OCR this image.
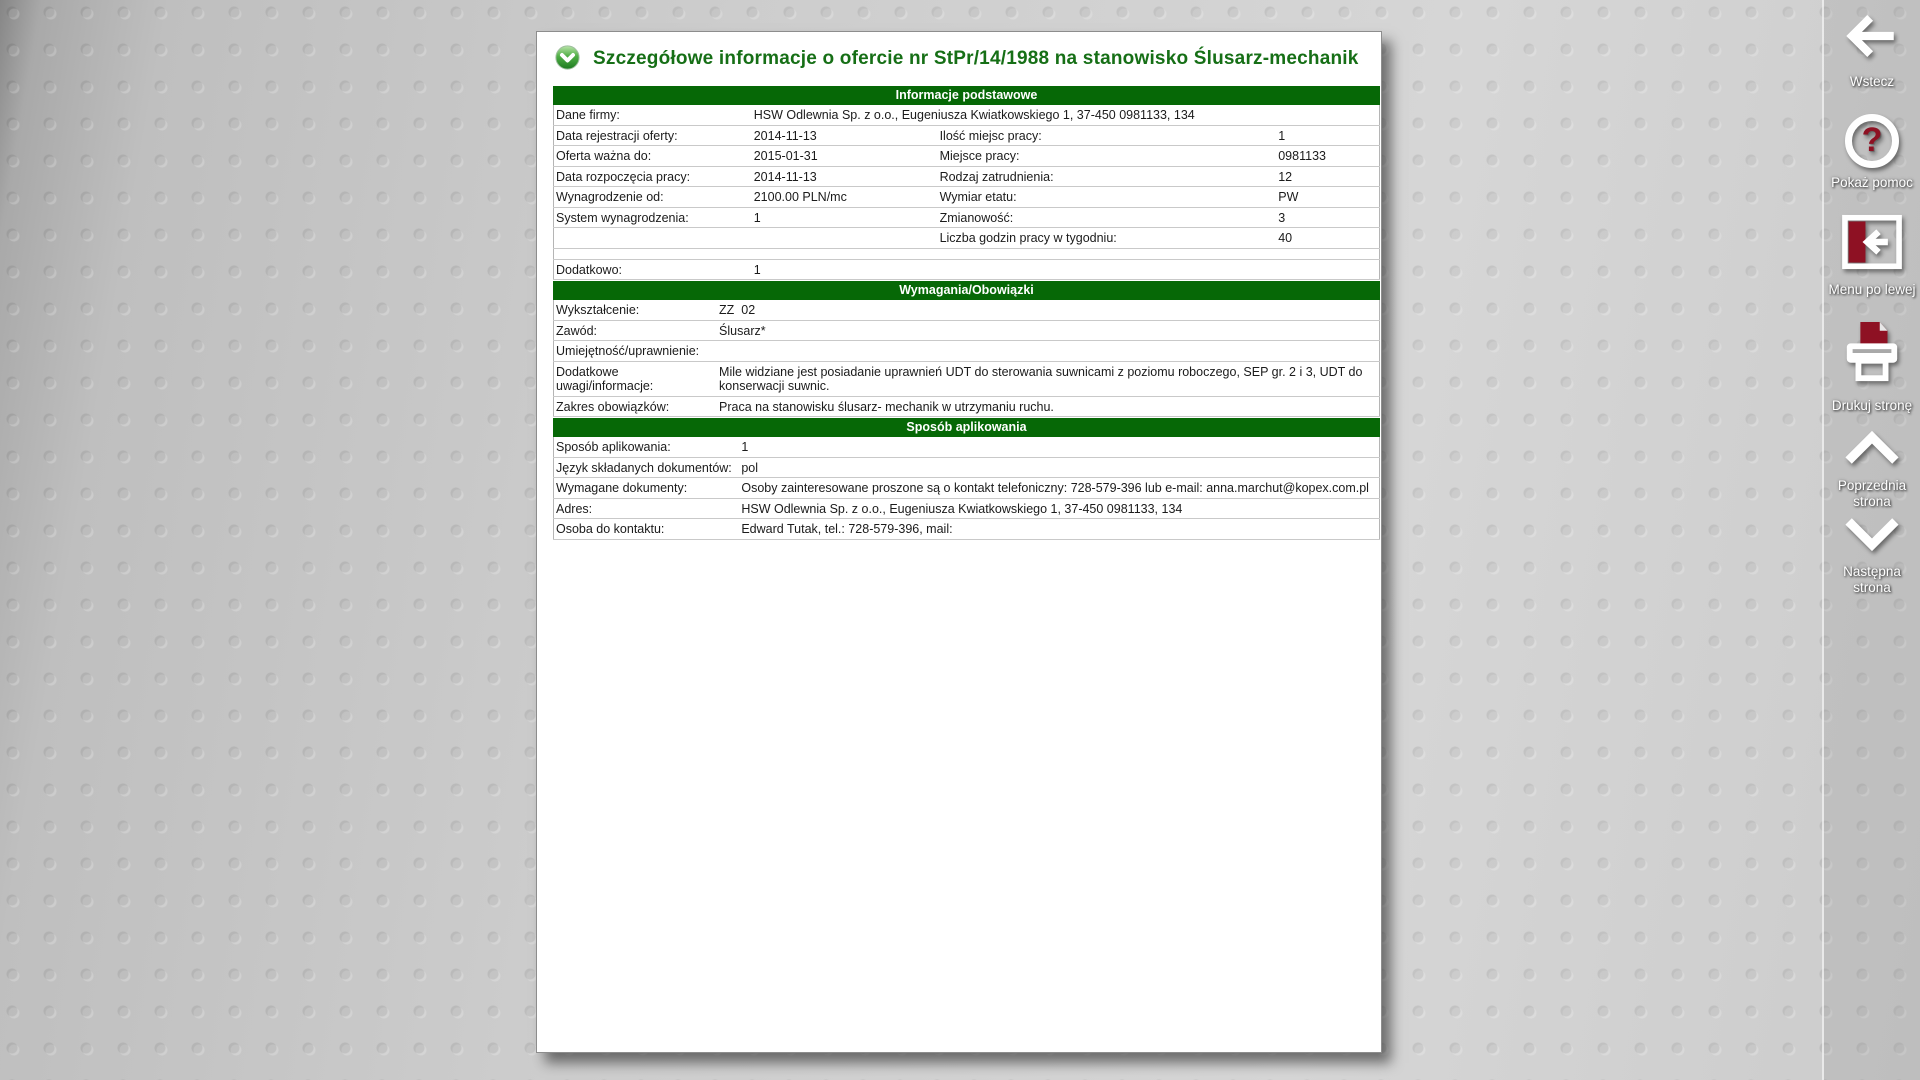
Szczegółowe informacje o ofercie nr StPr/14/1988 na stanowisko Ślusarz-mechanik
Informacje podstawowe
Dane firmy:	HSW Odlewnia Sp. z o.o., Eugeniusza Kwiatkowskiego 1, 37-450 0981133, 134		
Data rejestracji oferty:	2014-11-13	Ilość miejsc pracy:	1
Oferta ważna do:	2015-01-31	Miejsce pracy:	0981133
Data rozpoczęcia pracy:	2014-11-13	Rodzaj zatrudnienia:	12
Wynagrodzenie od:	2100.00 PLN/mc	Wymiar etatu:	PW
System wynagrodzenia:	1	Zmianowość:	3
		Liczba godzin pracy w tygodniu:	40

Dodatkowo:	1		
Wymagania/Obowiązki
Wykształcenie:	ZZ  02
Zawód:	Ślusarz*
Umiejętność/uprawnienie:	
Dodatkowe uwagi/informacje:	Mile widziane jest posiadanie uprawnień UDT do sterowania suwnicami z poziomu roboczego, SEP gr. 2 i 3, UDT do konserwacji suwnic.
Zakres obowiązków:	Praca na stanowisku ślusarz- mechanik w utrzymaniu ruchu.
Sposób aplikowania
Sposób aplikowania:	1
Język składanych dokumentów:	pol
Wymagane dokumenty:	Osoby zainteresowane proszone są o kontakt telefoniczny: 728-579-396 lub e-mail: anna.marchut@kopex.com.pl
Adres:	HSW Odlewnia Sp. z o.o., Eugeniusza Kwiatkowskiego 1, 37-450 0981133, 134
Osoba do kontaktu:	Edward Tutak, tel.: 728-579-396, mail:
Wstecz
?
Pokaż pomoc
Menu po lewej
Drukuj stronę
Poprzednia strona
Następna strona
